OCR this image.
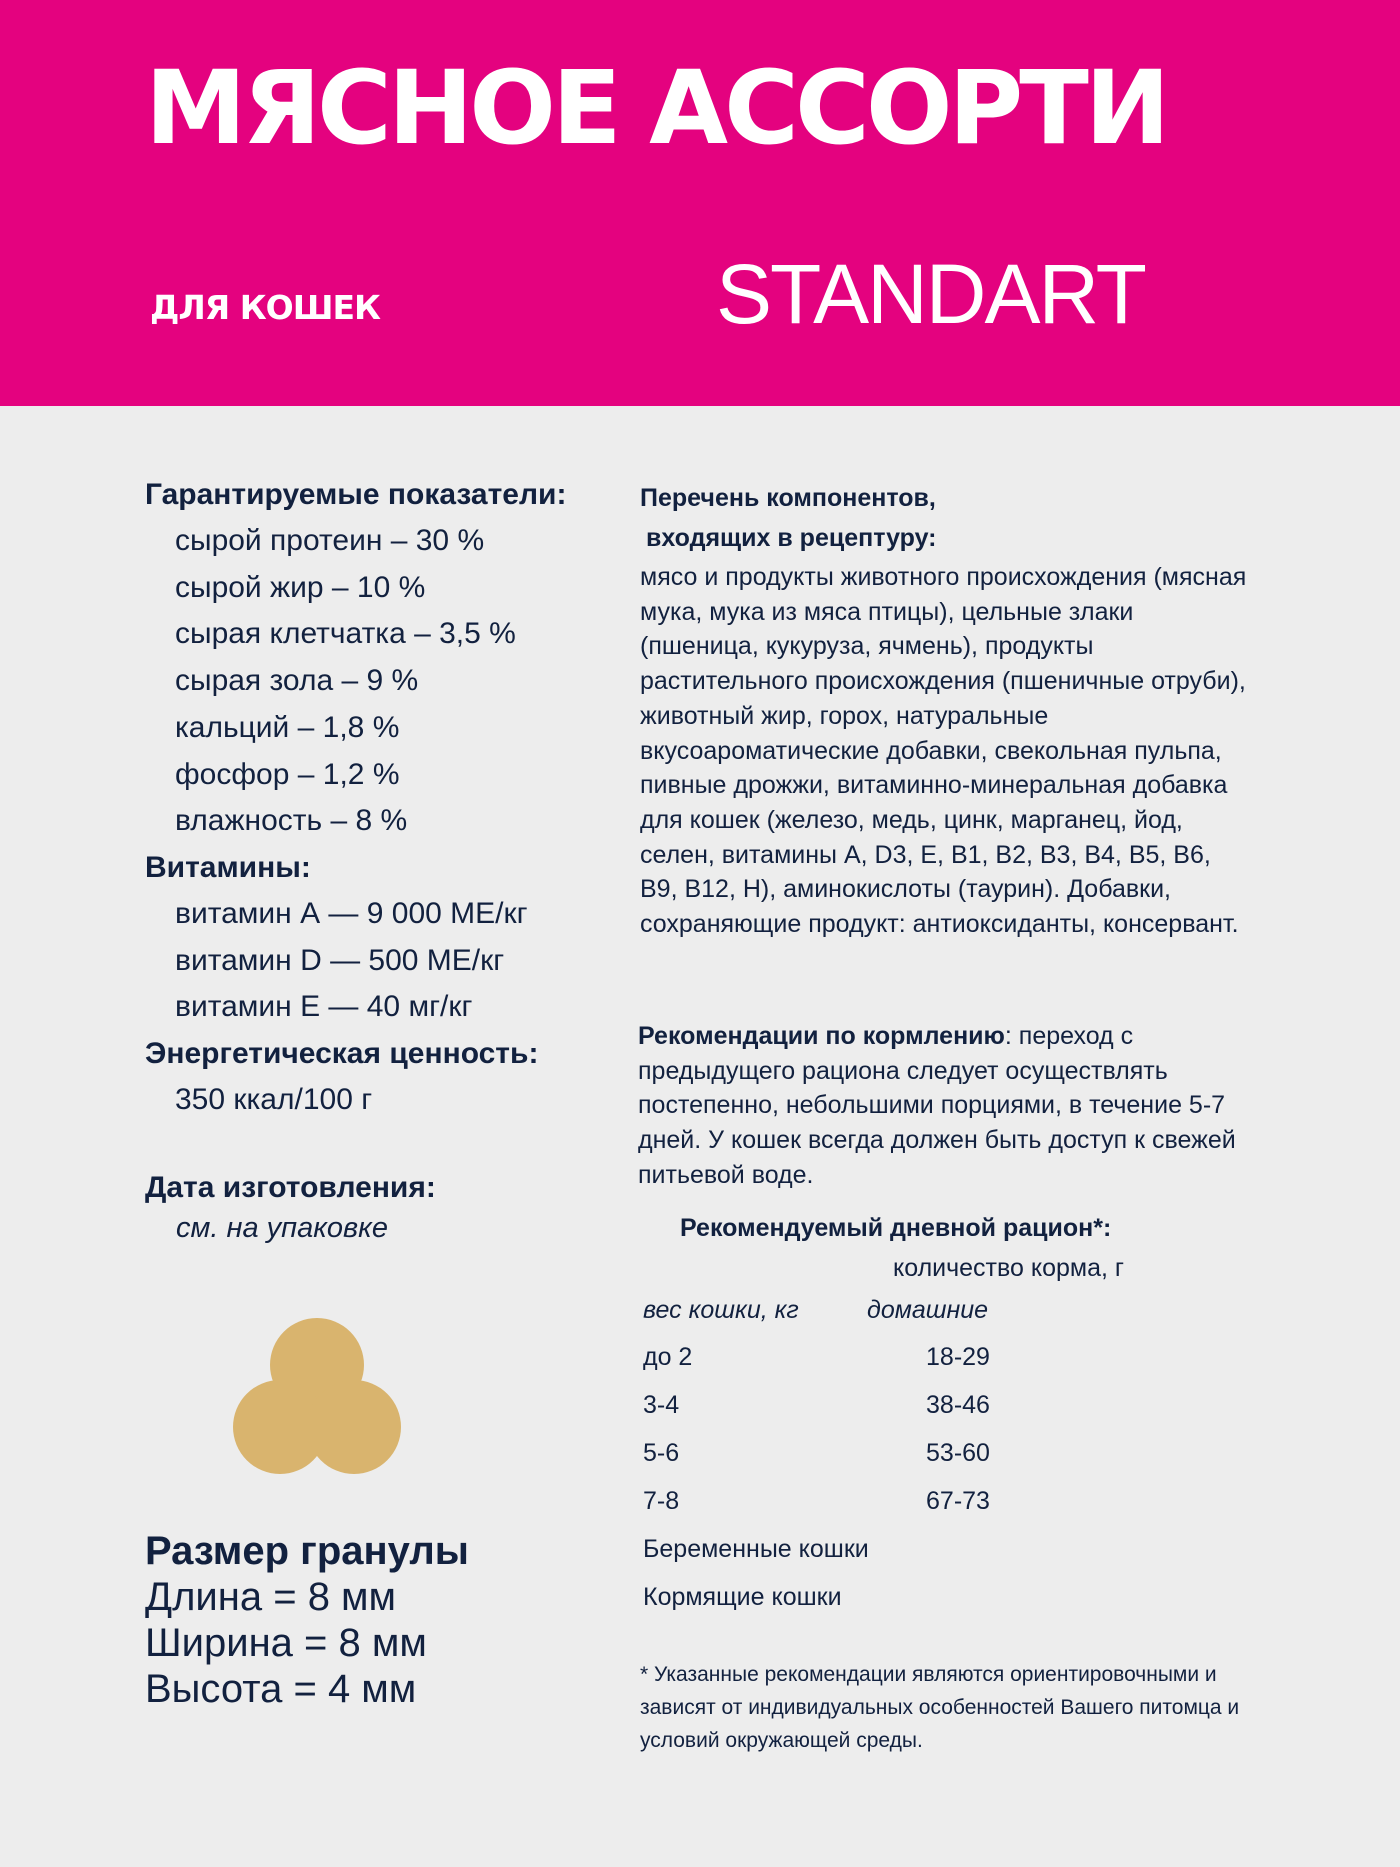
МЯСНОЕ АССОРТИ
ДЛЯ КОШЕК	STANDART
Гарантируемые показатели:
сырой протеин – 30 %
сырой жир – 10 %
сырая клетчатка – 3,5 %
сырая зола – 9 %
кальций – 1,8 %
фосфор – 1,2 %
влажность – 8 %
Витамины:
витамин А — 9 000 МЕ/кг
витамин D — 500 МЕ/кг
витамин Е — 40 мг/кг
Энергетическая ценность:
350 ккал/100 г
Дата изготовления:
см. на упаковке
Размер гранулы
Длина = 8 мм
Ширина = 8 мм
Высота = 4 мм
Перечень компонентов,
входящих в рецептуру:
мясо и продукты животного происхождения (мясная мука, мука из мяса птицы), цельные злаки (пшеница, кукуруза, ячмень), продукты растительного происхождения (пшеничные отруби), животный жир, горох, натуральные вкусоароматические добавки, свекольная пульпа, пивные дрожжи, витаминно-минеральная добавка для кошек (железо, медь, цинк, марганец, йод, селен, витамины А, D3, E, B1, B2, B3, B4, B5, B6, B9, B12, H), аминокислоты (таурин). Добавки, сохраняющие продукт: антиоксиданты, консервант.
Рекомендации по кормлению: переход с предыдущего рациона следует осуществлять постепенно, небольшими порциями, в течение 5-7 дней. У кошек всегда должен быть доступ к свежей питьевой воде.
Рекомендуемый дневной рацион*:
количество корма, г
вес кошки, кг	домашние
до 2	18-29
3-4	38-46
5-6	53-60
7-8	67-73
Беременные кошки
Кормящие кошки
* Указанные рекомендации являются ориентировочными и зависят от индивидуальных особенностей Вашего питомца и условий окружающей среды.
